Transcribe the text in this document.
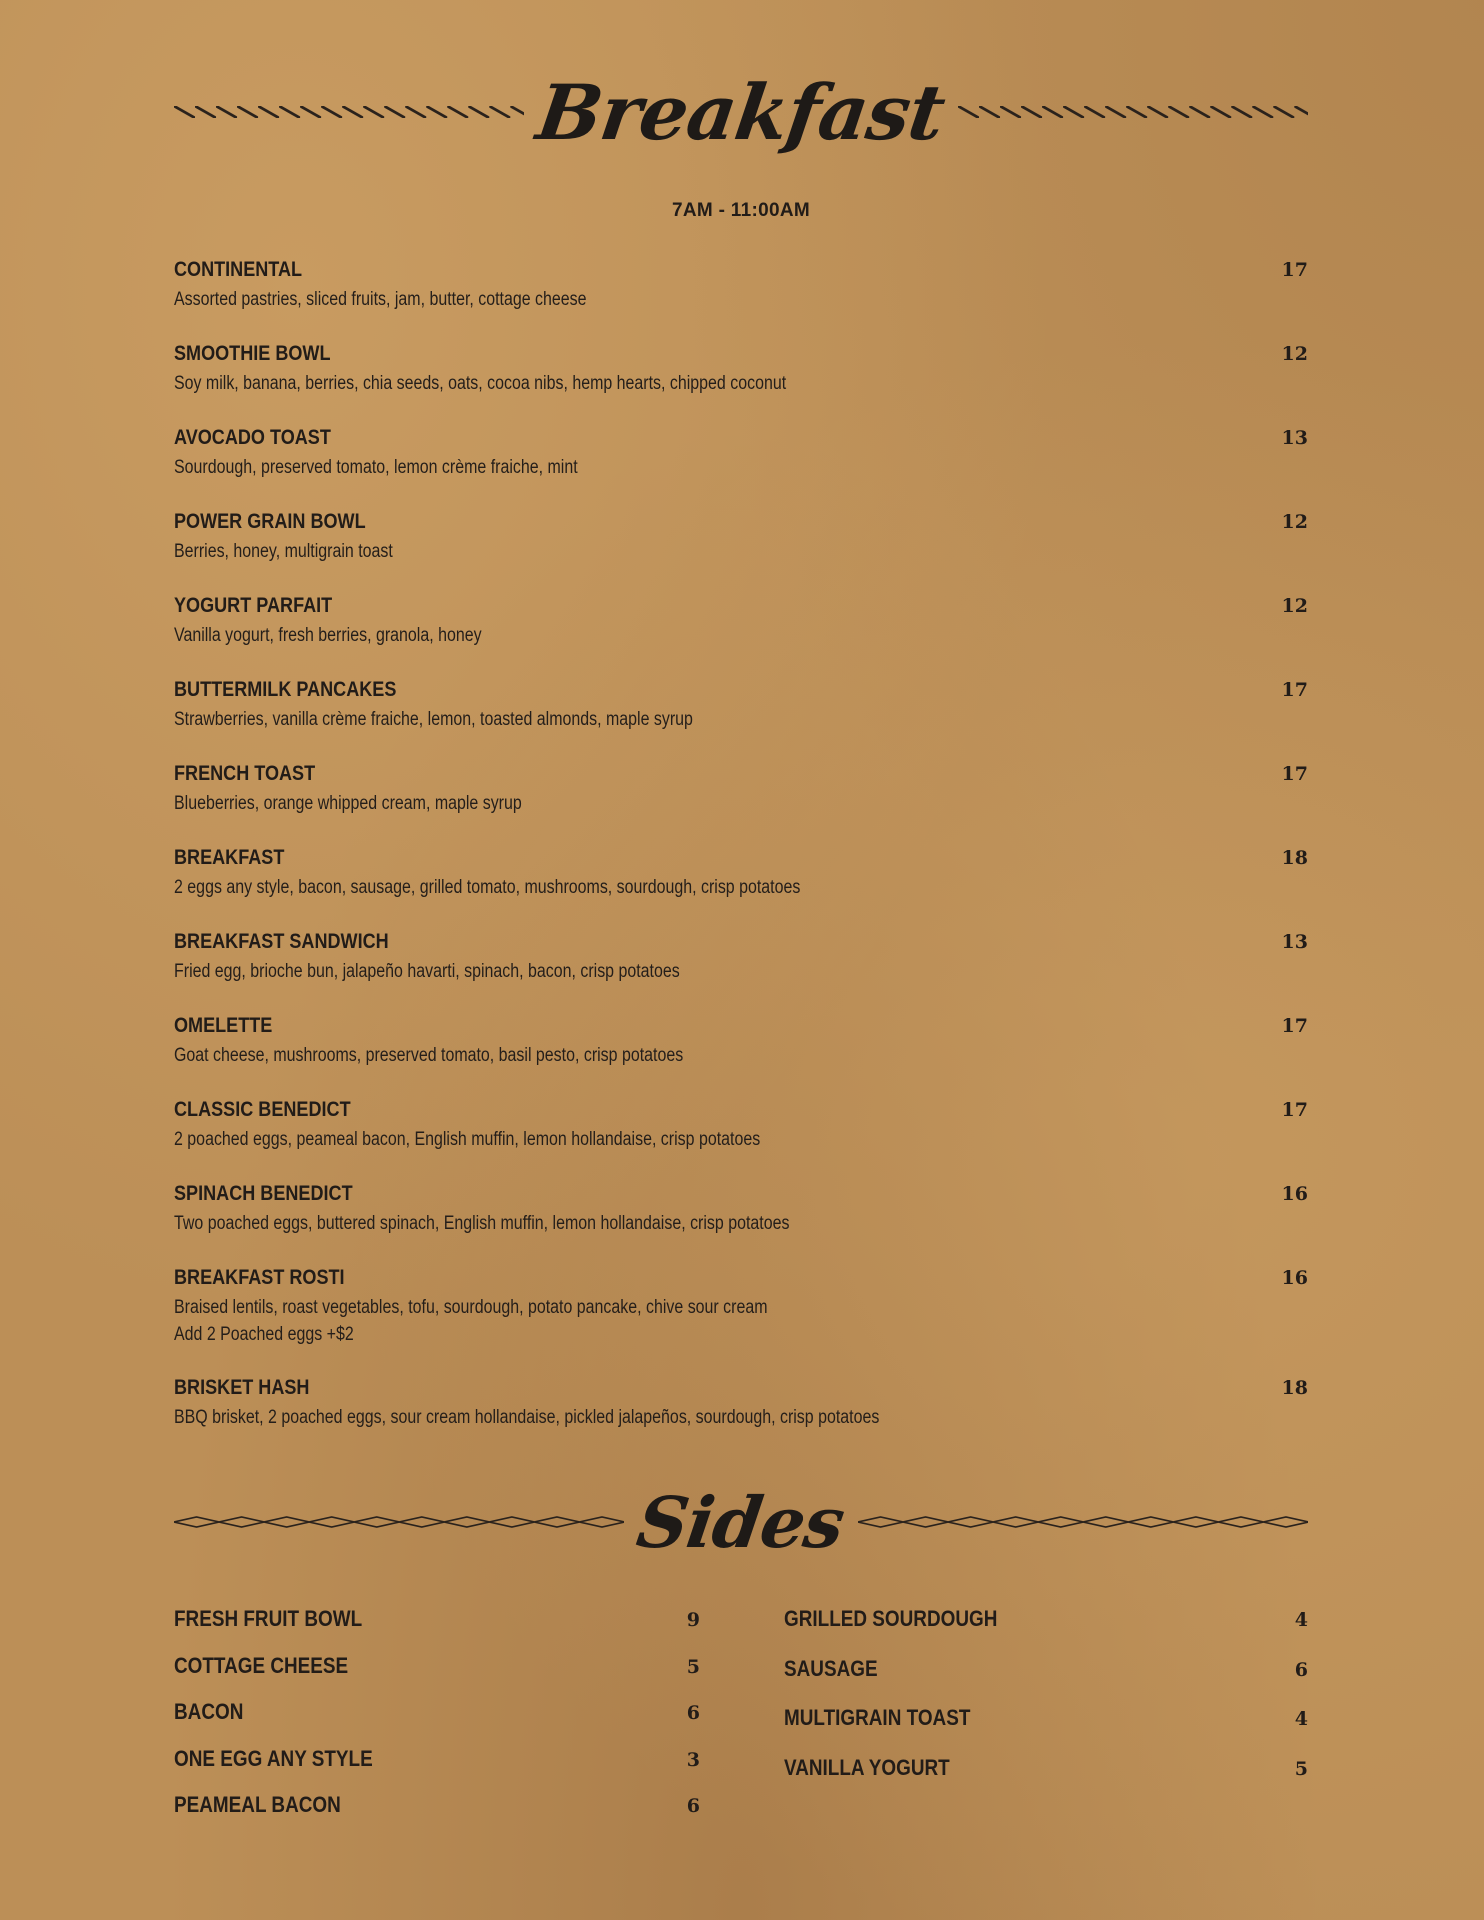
Breakfast
7AM - 11:00AM
CONTINENTAL	17
Assorted pastries, sliced fruits, jam, butter, cottage cheese
SMOOTHIE BOWL	12
Soy milk, banana, berries, chia seeds, oats, cocoa nibs, hemp hearts, chipped coconut
AVOCADO TOAST	13
Sourdough, preserved tomato, lemon crème fraiche, mint
POWER GRAIN BOWL	12
Berries, honey, multigrain toast
YOGURT PARFAIT	12
Vanilla yogurt, fresh berries, granola, honey
BUTTERMILK PANCAKES	17
Strawberries, vanilla crème fraiche, lemon, toasted almonds, maple syrup
FRENCH TOAST	17
Blueberries, orange whipped cream, maple syrup
BREAKFAST	18
2 eggs any style, bacon, sausage, grilled tomato, mushrooms, sourdough, crisp potatoes
BREAKFAST SANDWICH	13
Fried egg, brioche bun, jalapeño havarti, spinach, bacon, crisp potatoes
OMELETTE	17
Goat cheese, mushrooms, preserved tomato, basil pesto, crisp potatoes
CLASSIC BENEDICT	17
2 poached eggs, peameal bacon, English muffin, lemon hollandaise, crisp potatoes
SPINACH BENEDICT	16
Two poached eggs, buttered spinach, English muffin, lemon hollandaise, crisp potatoes
BREAKFAST ROSTI	16
Braised lentils, roast vegetables, tofu, sourdough, potato pancake, chive sour cream
Add 2 Poached eggs +$2
BRISKET HASH	18
BBQ brisket, 2 poached eggs, sour cream hollandaise, pickled jalapeños, sourdough, crisp potatoes
Sides
FRESH FRUIT BOWL	9
COTTAGE CHEESE	5
BACON	6
ONE EGG ANY STYLE	3
PEAMEAL BACON	6
GRILLED SOURDOUGH	4
SAUSAGE	6
MULTIGRAIN TOAST	4
VANILLA YOGURT	5
